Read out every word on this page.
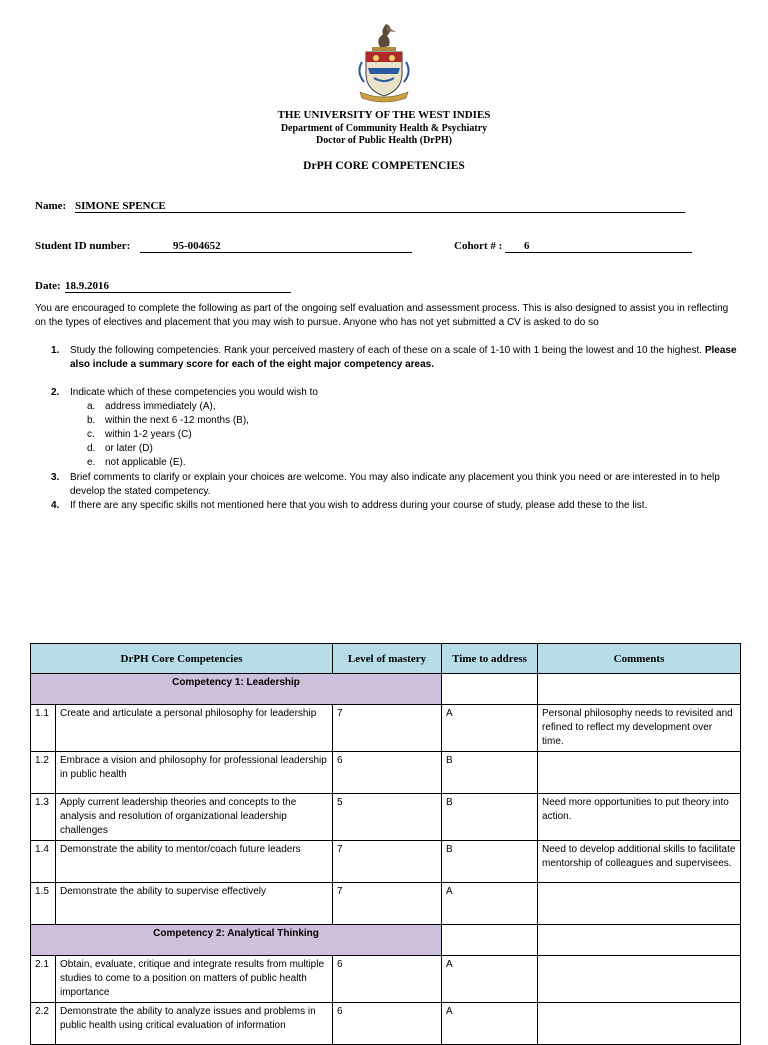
THE UNIVERSITY OF THE WEST INDIES
Department of Community Health & Psychiatry
Doctor of Public Health (DrPH)
DrPH CORE COMPETENCIES
Name: SIMONE SPENCE
Student ID number:	95-004652	Cohort # : 6
Date: 18.9.2016
You are encouraged to complete the following as part of the ongoing self evaluation and assessment process. This is also designed to assist you in reflecting on the types of electives and placement that you may wish to pursue. Anyone who has not yet submitted a CV is asked to do so
1. Study the following competencies. Rank your perceived mastery of each of these on a scale of 1-10 with 1 being the lowest and 10 the highest. Please also include a summary score for each of the eight major competency areas.
2. Indicate which of these competencies you would wish to
a. address immediately (A),
b. within the next 6 -12 months (B),
c. within 1-2 years (C)
d. or later (D)
e. not applicable (E).
3. Brief comments to clarify or explain your choices are welcome. You may also indicate any placement you think you need or are interested in to help develop the stated competency.
4. If there are any specific skills not mentioned here that you wish to address during your course of study, please add these to the list.
DrPH Core Competencies		Level of mastery	Time to address	Comments
Competency 1: Leadership				
1.1	Create and articulate a personal philosophy for leadership	7	A	Personal philosophy needs to revisited and refined to reflect my development over time.
1.2	Embrace a vision and philosophy for professional leadership in public health	6	B	
1.3	Apply current leadership theories and concepts to the analysis and resolution of organizational leadership challenges	5	B	Need more opportunities to put theory into action.
1.4	Demonstrate the ability to mentor/coach future leaders	7	B	Need to develop additional skills to facilitate mentorship of colleagues and supervisees.
1.5	Demonstrate the ability to supervise effectively	7	A	
Competency 2: Analytical Thinking				
2.1	Obtain, evaluate, critique and integrate results from multiple studies to come to a position on matters of public health importance	6	A	
2.2	Demonstrate the ability to analyze issues and problems in public health using critical evaluation of information	6	A	
